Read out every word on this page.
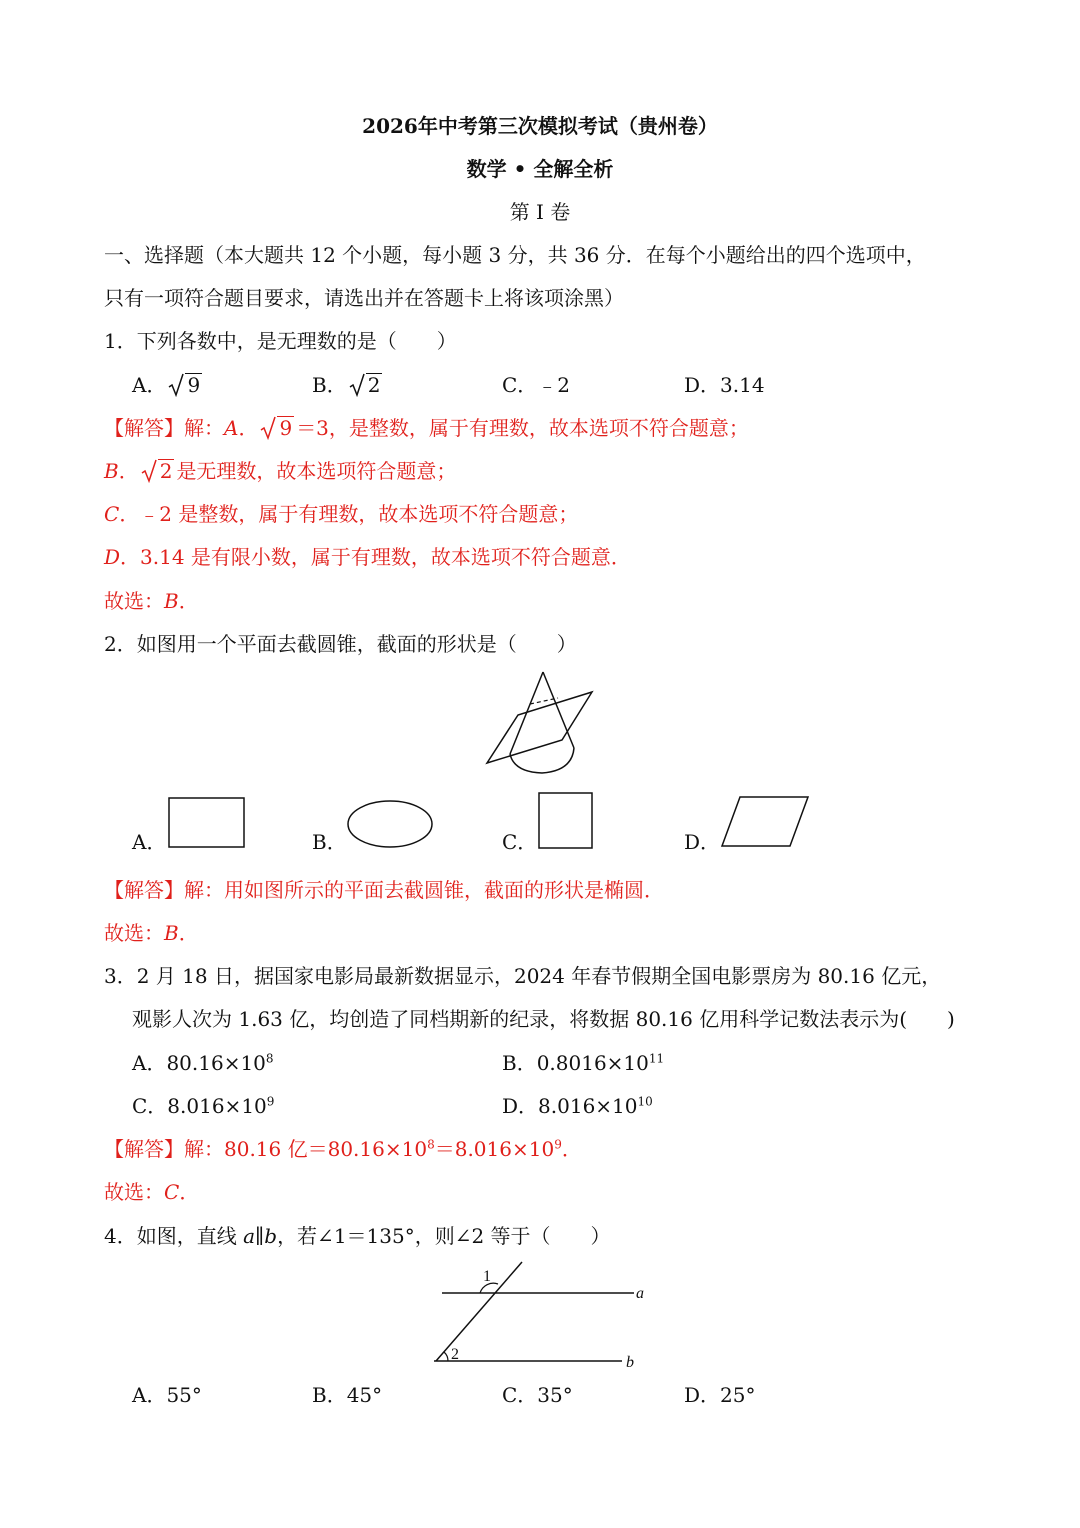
2026年中考第三次模拟考试（贵州卷）
数学 • 全解全析
第 I 卷
一、选择题（本大题共 12 个小题，每小题 3 分，共 36 分．在每个小题给出的四个选项中，
只有一项符合题目要求，请选出并在答题卡上将该项涂黑）
1．下列各数中，是无理数的是（　　）
A． 9	B． 2	C．﹣2	D．3.14
【解答】解：A． 9 ＝3，是整数，属于有理数，故本选项不符合题意；
B． 2 是无理数，故本选项符合题意；
C．﹣2 是整数，属于有理数，故本选项不符合题意；
D．3.14 是有限小数，属于有理数，故本选项不符合题意．
故选：B．
2．如图用一个平面去截圆锥，截面的形状是（　　）
A．	B．	C．	D．
【解答】解：用如图所示的平面去截圆锥，截面的形状是椭圆．
故选：B．
3．2 月 18 日，据国家电影局最新数据显示，2024 年春节假期全国电影票房为 80.16 亿元，
观影人次为 1.63 亿，均创造了同档期新的纪录，将数据 80.16 亿用科学记数法表示为(　　)
A．$80.16\times 10^8$	B．$0.8016\times 10^{11}$
C．$8.016\times 10^9$	D．$8.016\times 10^{10}$
【解答】解：80.16 亿$=80.16\times 10^8=8.016\times 10^9$．
故选：C．
4．如图，直线 a∥b，若∠1＝135°，则∠2 等于（　　）
1
2
a
b
A．55°	B．45°	C．35°	D．25°
